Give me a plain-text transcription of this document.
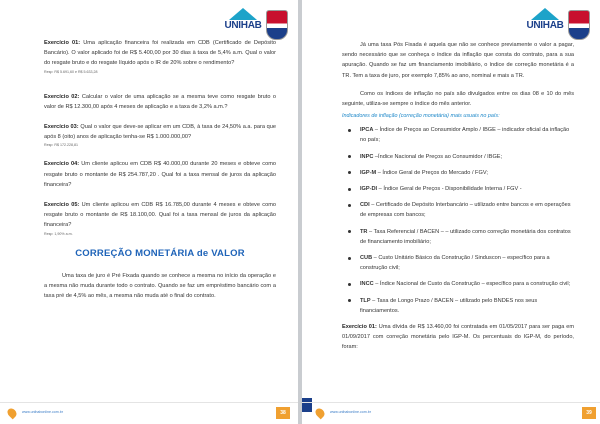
UNIHAB

Exercício 01: Uma aplicação financeira foi realizada em CDB (Certificado de Depósito Bancário). O valor aplicado foi de R$ 5.400,00 por 30 dias à taxa de 5,4% a.m. Qual o valor do resgate bruto e do resgate líquido após o IR de 20% sobre o rendimento?

Resp: R$ 5.691,60 e R$ 5.633,28

Exercício 02: Calcular o valor de uma aplicação se a mesma teve como resgate bruto o valor de R$ 12.300,00 após 4 meses de aplicação e a taxa de 3,2% a.m.?

Exercício 03: Qual o valor que deve-se aplicar em um CDB, à taxa de 24,50% a.a. para que após 8 (oito) anos de aplicação tenha-se R$ 1.000.000,00?

Resp: R$ 172.228,81

Exercício 04: Um cliente aplicou em CDB R$ 40.000,00 durante 20 meses e obteve como resgate bruto o montante de R$ 254.787,20 . Qual foi a taxa mensal de juros da aplicação financeira?

Exercício 05: Um cliente aplicou em CDB R$ 16.785,00 durante 4 meses e obteve como resgate bruto o montante de R$ 18.100,00. Qual foi a taxa mensal de juros da aplicação financeira?

Resp: 1,90% a.m.
CORREÇÃO MONETÁRIA de VALOR

Uma taxa de juro é Pré Fixada quando se conhece a mesma no início da operação e a mesma não muda durante todo o contrato. Quando se faz um empréstimo bancário com a taxa pré de 4,5% ao mês, a mesma não muda até o final do contrato.

www.unihabonline.com.br	38
UNIHAB

Já uma taxa Pós Fixada é aquela que não se conhece previamente o valor a pagar, sendo necessário que se conheça o índice da inflação que consta do contrato, para a sua apuração. Quando se faz um financiamento imobiliário, o índice de correção monetária é a TR. Tem a taxa de juro, por exemplo 7,85% ao ano, nominal e mais a TR.

Como os índices de inflação no país são divulgados entre os dias 08 e 10 do mês seguinte, utiliza-se sempre o índice do mês anterior.

Indicadores de inflação (correção monetária) mais usuais no país:
IPCA – Índice de Preços ao Consumidor Amplo / IBGE – indicador oficial da inflação no país;
INPC –Índice Nacional de Preços ao Consumidor / IBGE;
IGP-M – Índice Geral de Preços do Mercado / FGV;
IGP-DI – Índice Geral de Preços - Disponibilidade Interna / FGV -
CDI – Certificado de Depósito Interbancário – utilizado entre bancos e em operações de empresas com bancos;
TR – Taxa Referencial / BACEN – – utilizado como correção monetária dos contratos de financiamento imobiliário;
CUB – Custo Unitário Básico da Construção / Sinduscon – específico para a construção civil;
INCC – Índice Nacional de Custo da Construção – específico para a construção civil;
TLP – Taxa de Longo Prazo / BACEN – utilizado pelo BNDES nos seus financiamentos.

Exercício 01: Uma dívida de R$ 13.460,00 foi contratada em 01/05/2017 para ser paga em 01/09/2017 com correção monetária pelo IGP-M. Os percentuais do IGP-M, do período, foram:

www.unihabonline.com.br	39
